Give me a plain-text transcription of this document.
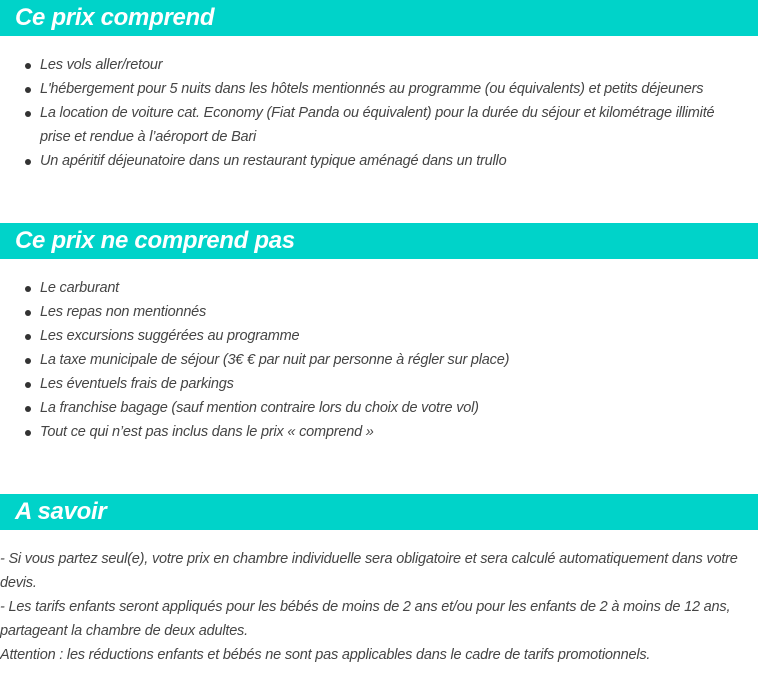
Ce prix comprend
Les vols aller/retour
L'hébergement pour 5 nuits dans les hôtels mentionnés au programme (ou équivalents) et petits déjeuners
La location de voiture cat. Economy (Fiat Panda ou équivalent) pour la durée du séjour et kilométrage illimité prise et rendue à l’aéroport de Bari
Un apéritif déjeunatoire dans un restaurant typique aménagé dans un trullo
Ce prix ne comprend pas
Le carburant
Les repas non mentionnés
Les excursions suggérées au programme
La taxe municipale de séjour (3€ € par nuit par personne à régler sur place)
Les éventuels frais de parkings
La franchise bagage (sauf mention contraire lors du choix de votre vol)
Tout ce qui n’est pas inclus dans le prix « comprend »
A savoir

- Si vous partez seul(e), votre prix en chambre individuelle sera obligatoire et sera calculé automatiquement dans votre devis.

- Les tarifs enfants seront appliqués pour les bébés de moins de 2 ans et/ou pour les enfants de 2 à moins de 12 ans, partageant la chambre de deux adultes.

Attention : les réductions enfants et bébés ne sont pas applicables dans le cadre de tarifs promotionnels.
